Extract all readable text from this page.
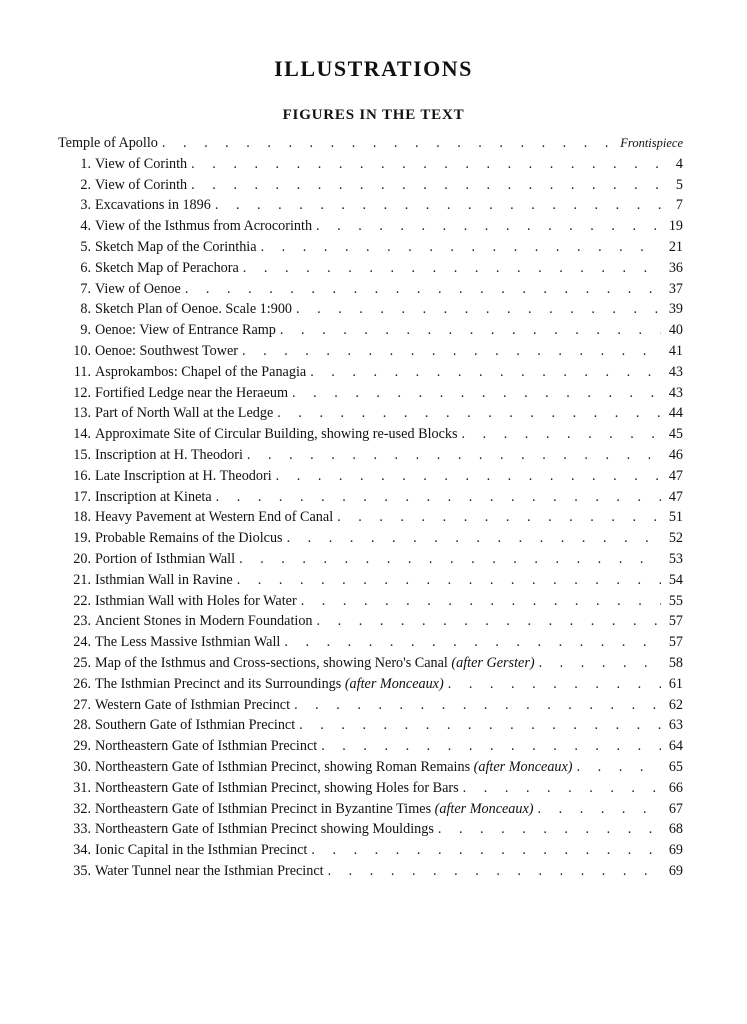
ILLUSTRATIONS
FIGURES IN THE TEXT
Temple of Apollo . . .	Frontispiece
1. View of Corinth . . .	4
2. View of Corinth . . .	5
3. Excavations in 1896 . . .	7
4. View of the Isthmus from Acrocorinth . . .	19
5. Sketch Map of the Corinthia . . .	21
6. Sketch Map of Perachora . . .	36
7. View of Oenoe . . .	37
8. Sketch Plan of Oenoe. Scale 1:900 . . .	39
9. Oenoe: View of Entrance Ramp . . .	40
10. Oenoe: Southwest Tower . . .	41
11. Asprokambos: Chapel of the Panagia . . .	43
12. Fortified Ledge near the Heraeum . . .	43
13. Part of North Wall at the Ledge . . .	44
14. Approximate Site of Circular Building, showing re-used Blocks . . .	45
15. Inscription at H. Theodori . . .	46
16. Late Inscription at H. Theodori . . .	47
17. Inscription at Kineta . . .	47
18. Heavy Pavement at Western End of Canal . . .	51
19. Probable Remains of the Diolcus . . .	52
20. Portion of Isthmian Wall . . .	53
21. Isthmian Wall in Ravine . . .	54
22. Isthmian Wall with Holes for Water . . .	55
23. Ancient Stones in Modern Foundation . . .	57
24. The Less Massive Isthmian Wall . . .	57
25. Map of the Isthmus and Cross-sections, showing Nero's Canal (after Gerster) . . .	58
26. The Isthmian Precinct and its Surroundings (after Monceaux) . . .	61
27. Western Gate of Isthmian Precinct . . .	62
28. Southern Gate of Isthmian Precinct . . .	63
29. Northeastern Gate of Isthmian Precinct . . .	64
30. Northeastern Gate of Isthmian Precinct, showing Roman Remains (after Monceaux) . . .	65
31. Northeastern Gate of Isthmian Precinct, showing Holes for Bars . . .	66
32. Northeastern Gate of Isthmian Precinct in Byzantine Times (after Monceaux) . . .	67
33. Northeastern Gate of Isthmian Precinct showing Mouldings . . .	68
34. Ionic Capital in the Isthmian Precinct . . .	69
35. Water Tunnel near the Isthmian Precinct . . .	69
